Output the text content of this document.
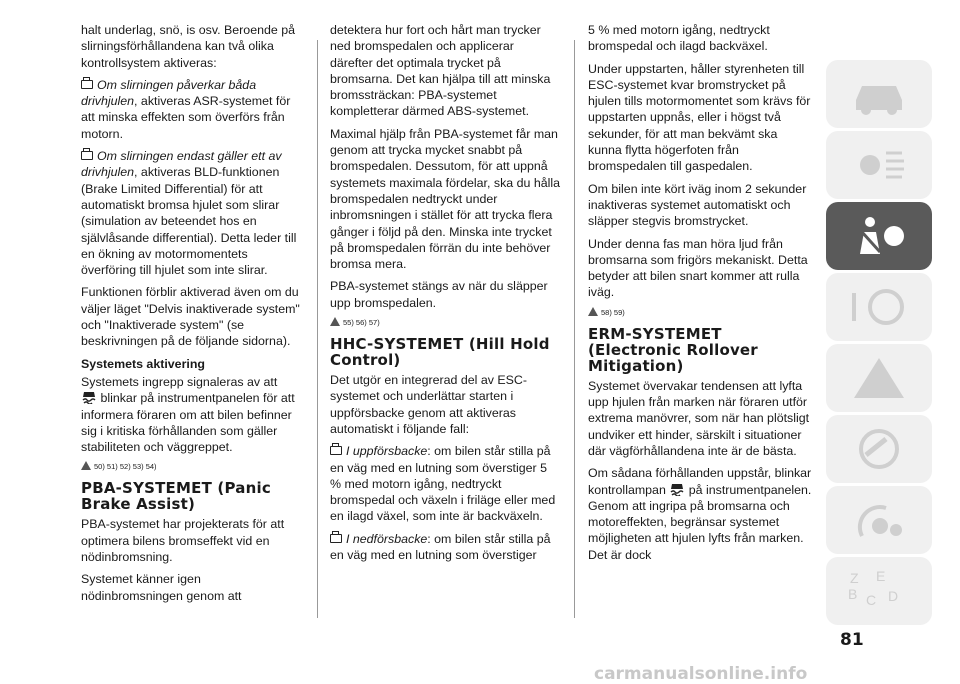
halt underlag, snö, is osv. Beroende på slirningsförhållandena kan två olika kontrollsystem aktiveras:

Om slirningen påverkar båda drivhjulen, aktiveras ASR-systemet för att minska effekten som överförs från motorn.

Om slirningen endast gäller ett av drivhjulen, aktiveras BLD-funktionen (Brake Limited Differential) för att automatiskt bromsa hjulet som slirar (simulation av beteendet hos en självlåsande differential). Detta leder till en ökning av motormomentets överföring till hjulet som inte slirar.

Funktionen förblir aktiverad även om du väljer läget "Delvis inaktiverade system" och "Inaktiverade system" (se beskrivningen på de följande sidorna).

Systemets aktivering

Systemets ingrepp signaleras av att
blinkar på instrumentpanelen för att informera föraren om att bilen befinner sig i kritiska förhållanden som gäller stabiliteten och väggreppet.

50) 51) 52) 53) 54)
PBA-SYSTEMET (Panic Brake Assist)

PBA-systemet har projekterats för att optimera bilens bromseffekt vid en nödinbromsning.

Systemet känner igen nödinbromsningen genom att

detektera hur fort och hårt man trycker ned bromspedalen och applicerar därefter det optimala trycket på bromsarna. Det kan hjälpa till att minska bromssträckan: PBA-systemet kompletterar därmed ABS-systemet.

Maximal hjälp från PBA-systemet får man genom att trycka mycket snabbt på bromspedalen. Dessutom, för att uppnå systemets maximala fördelar, ska du hålla bromspedalen nedtryckt under inbromsningen i stället för att trycka flera gånger i följd på den. Minska inte trycket på bromspedalen förrän du inte behöver bromsa mera.

PBA-systemet stängs av när du släpper upp bromspedalen.

55) 56) 57)
HHC-SYSTEMET (Hill Hold Control)

Det utgör en integrerad del av ESC-systemet och underlättar starten i uppförsbacke genom att aktiveras automatiskt i följande fall:

I uppförsbacke: om bilen står stilla på en väg med en lutning som överstiger 5 % med motorn igång, nedtryckt bromspedal och växeln i friläge eller med en ilagd växel, som inte är backväxeln.

I nedförsbacke: om bilen står stilla på en väg med en lutning som överstiger

5 % med motorn igång, nedtryckt bromspedal och ilagd backväxel.

Under uppstarten, håller styrenheten till ESC-systemet kvar bromstrycket på hjulen tills motormomentet som krävs för uppstarten uppnås, eller i högst två sekunder, för att man bekvämt ska kunna flytta högerfoten från bromspedalen till gaspedalen.

Om bilen inte kört iväg inom 2 sekunder inaktiveras systemet automatiskt och släpper stegvis bromstrycket.

Under denna fas man höra ljud från bromsarna som frigörs mekaniskt. Detta betyder att bilen snart kommer att rulla iväg.

58) 59)
ERM-SYSTEMET (Electronic Rollover Mitigation)

Systemet övervakar tendensen att lyfta upp hjulen från marken när föraren utför extrema manövrer, som när han plötsligt undviker ett hinder, särskilt i situationer där vägförhållandena inte är de bästa.

Om sådana förhållanden uppstår, blinkar kontrollampan på instrumentpanelen. Genom att ingripa på bromsarna och motoreffekten, begränsar systemet möjligheten att hjulen lyfts från marken. Det är dock

Z E
B C D
81
carmanualsonline.info
